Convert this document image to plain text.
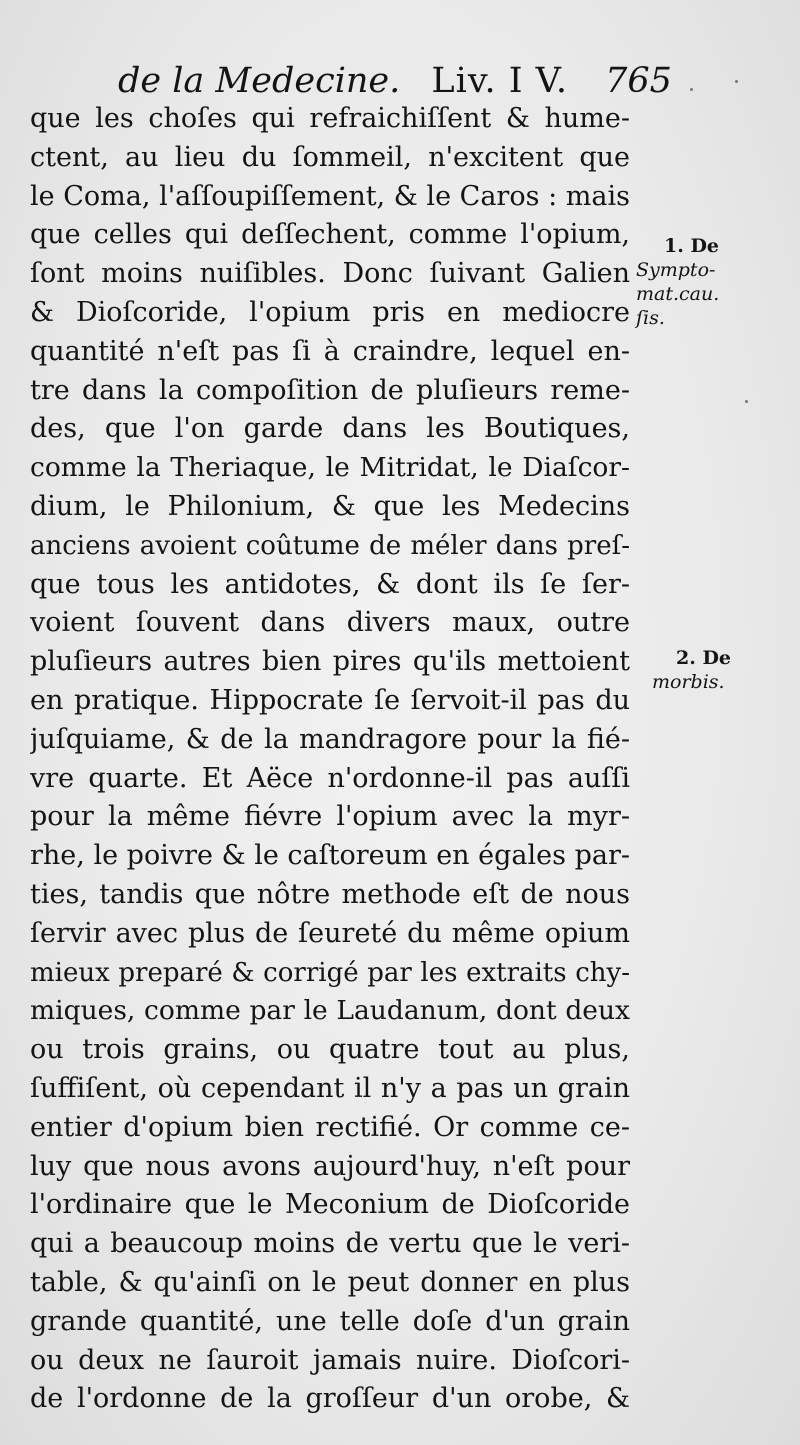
de la Medecine. Liv. I V. 765
que les choſes qui refraichiſſent & hume-
ctent, au lieu du ſommeil, n'excitent que
le Coma, l'aſſoupiſſement, & le Caros : mais
que celles qui deſſechent, comme l'opium,
ſont moins nuiſibles. Donc ſuivant Galien
& Dioſcoride, l'opium pris en mediocre
quantité n'eſt pas ſi à craindre, lequel en-
tre dans la compoſition de pluſieurs reme-
des, que l'on garde dans les Boutiques,
comme la Theriaque, le Mitridat, le Diaſcor-
dium, le Philonium, & que les Medecins
anciens avoient coûtume de méler dans preſ-
que tous les antidotes, & dont ils ſe ſer-
voient ſouvent dans divers maux, outre
pluſieurs autres bien pires qu'ils mettoient
en pratique. Hippocrate ſe ſervoit-il pas du
juſquiame, & de la mandragore pour la fié-
vre quarte. Et Aëce n'ordonne-il pas auſſi
pour la même fiévre l'opium avec la myr-
rhe, le poivre & le caſtoreum en égales par-
ties, tandis que nôtre methode eſt de nous
ſervir avec plus de ſeureté du même opium
mieux preparé & corrigé par les extraits chy-
miques, comme par le Laudanum, dont deux
ou trois grains, ou quatre tout au plus,
ſuffiſent, où cependant il n'y a pas un grain
entier d'opium bien rectifié. Or comme ce-
luy que nous avons aujourd'huy, n'eſt pour
l'ordinaire que le Meconium de Dioſcoride
qui a beaucoup moins de vertu que le veri-
table, & qu'ainſi on le peut donner en plus
grande quantité, une telle doſe d'un grain
ou deux ne ſauroit jamais nuire. Dioſcori-
de l'ordonne de la groſſeur d'un orobe, &
1. De
Sympto-
mat.cau.
ſis.
2. De
morbis.
